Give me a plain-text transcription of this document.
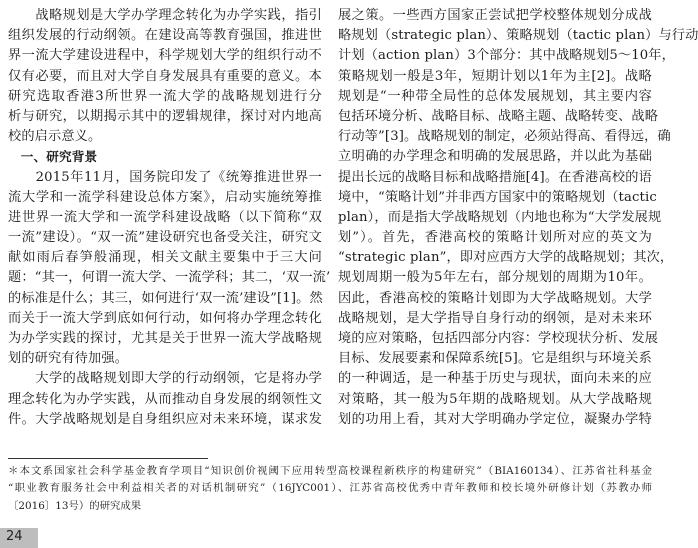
　　战略规划是大学办学理念转化为办学实践，指引
组织发展的行动纲领。在建设高等教育强国，推进世
界一流大学建设进程中，科学规划大学的组织行动不
仅有必要，而且对大学自身发展具有重要的意义。本
研究选取香港3所世界一流大学的战略规划进行分
析与研究，以期揭示其中的逻辑规律，探讨对内地高
校的启示意义。
　一、研究背景
　　2015年11月，国务院印发了《统筹推进世界一
流大学和一流学科建设总体方案》，启动实施统筹推
进世界一流大学和一流学科建设战略（以下简称“双
一流”建设）。“双一流”建设研究也备受关注，研究文
献如雨后春笋般涌现，相关文献主要集中于三大问
题：“其一，何谓一流大学、一流学科；其二，‘双一流’
的标准是什么；其三，如何进行‘双一流’建设”[1]。然
而关于一流大学到底如何行动，如何将办学理念转化
为办学实践的探讨，尤其是关于世界一流大学战略规
划的研究有待加强。
　　大学的战略规划即大学的行动纲领，它是将办学
理念转化为办学实践，从而推动自身发展的纲领性文
件。大学战略规划是自身组织应对未来环境，谋求发
展之策。一些西方国家正尝试把学校整体规划分成战
略规划（strategic plan）、策略规划（tactic plan）与行动
计划（action plan）3个部分：其中战略规划5～10年，
策略规划一般是3年，短期计划以1年为主[2]。战略
规划是“一种带全局性的总体发展规划，其主要内容
包括环境分析、战略目标、战略主题、战略转变、战略
行动等”[3]。战略规划的制定，必须站得高、看得远，确
立明确的办学理念和明确的发展思路，并以此为基础
提出长远的战略目标和战略措施[4]。在香港高校的语
境中，“策略计划”并非西方国家中的策略规划（tactic
plan），而是指大学战略规划（内地也称为“大学发展规
划”）。首先，香港高校的策略计划所对应的英文为
“strategic plan”，即对应西方大学的战略规划；其次，
规划周期一般为5年左右，部分规划的周期为10年。
因此，香港高校的策略计划即为大学战略规划。大学
战略规划，是大学指导自身行动的纲领，是对未来环
境的应对策略，包括四部分内容：学校现状分析、发展
目标、发展要素和保障系统[5]。它是组织与环境关系
的一种调适，是一种基于历史与现状，面向未来的应
对策略，其一般为5年期的战略规划。从大学战略规
划的功用上看，其对大学明确办学定位，凝聚办学特
＊本文系国家社会科学基金教育学项目“知识创价视阈下应用转型高校课程新秩序的构建研究”（BIA160134）、江苏省社科基金
“职业教育服务社会中利益相关者的对话机制研究”（16JYC001）、江苏省高校优秀中青年教师和校长境外研修计划（苏教办师
〔2016〕13号）的研究成果
24
